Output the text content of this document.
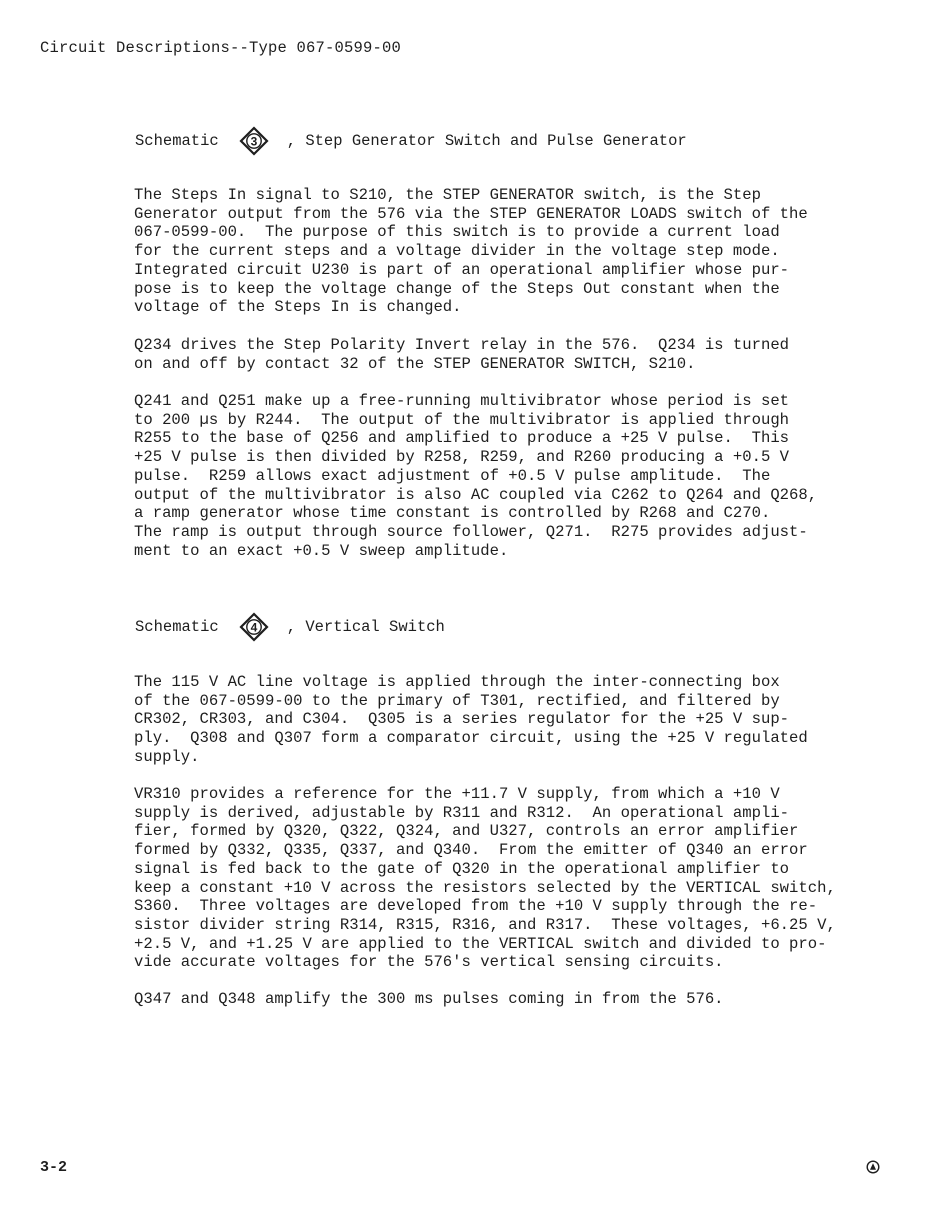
Circuit Descriptions--Type 067-0599-00
Schematic	3 , Step Generator Switch and Pulse Generator
The Steps In signal to S210, the STEP GENERATOR switch, is the Step
Generator output from the 576 via the STEP GENERATOR LOADS switch of the
067-0599-00.  The purpose of this switch is to provide a current load
for the current steps and a voltage divider in the voltage step mode.
Integrated circuit U230 is part of an operational amplifier whose pur-
pose is to keep the voltage change of the Steps Out constant when the
voltage of the Steps In is changed.
Q234 drives the Step Polarity Invert relay in the 576.  Q234 is turned
on and off by contact 32 of the STEP GENERATOR SWITCH, S210.
Q241 and Q251 make up a free-running multivibrator whose period is set
to 200 µs by R244.  The output of the multivibrator is applied through
R255 to the base of Q256 and amplified to produce a +25 V pulse.  This
+25 V pulse is then divided by R258, R259, and R260 producing a +0.5 V
pulse.  R259 allows exact adjustment of +0.5 V pulse amplitude.  The
output of the multivibrator is also AC coupled via C262 to Q264 and Q268,
a ramp generator whose time constant is controlled by R268 and C270.
The ramp is output through source follower, Q271.  R275 provides adjust-
ment to an exact +0.5 V sweep amplitude.
Schematic	4 , Vertical Switch
The 115 V AC line voltage is applied through the inter-connecting box
of the 067-0599-00 to the primary of T301, rectified, and filtered by
CR302, CR303, and C304.  Q305 is a series regulator for the +25 V sup-
ply.  Q308 and Q307 form a comparator circuit, using the +25 V regulated
supply.
VR310 provides a reference for the +11.7 V supply, from which a +10 V
supply is derived, adjustable by R311 and R312.  An operational ampli-
fier, formed by Q320, Q322, Q324, and U327, controls an error amplifier
formed by Q332, Q335, Q337, and Q340.  From the emitter of Q340 an error
signal is fed back to the gate of Q320 in the operational amplifier to
keep a constant +10 V across the resistors selected by the VERTICAL switch,
S360.  Three voltages are developed from the +10 V supply through the re-
sistor divider string R314, R315, R316, and R317.  These voltages, +6.25 V,
+2.5 V, and +1.25 V are applied to the VERTICAL switch and divided to pro-
vide accurate voltages for the 576's vertical sensing circuits.
Q347 and Q348 amplify the 300 ms pulses coming in from the 576.
3-2
